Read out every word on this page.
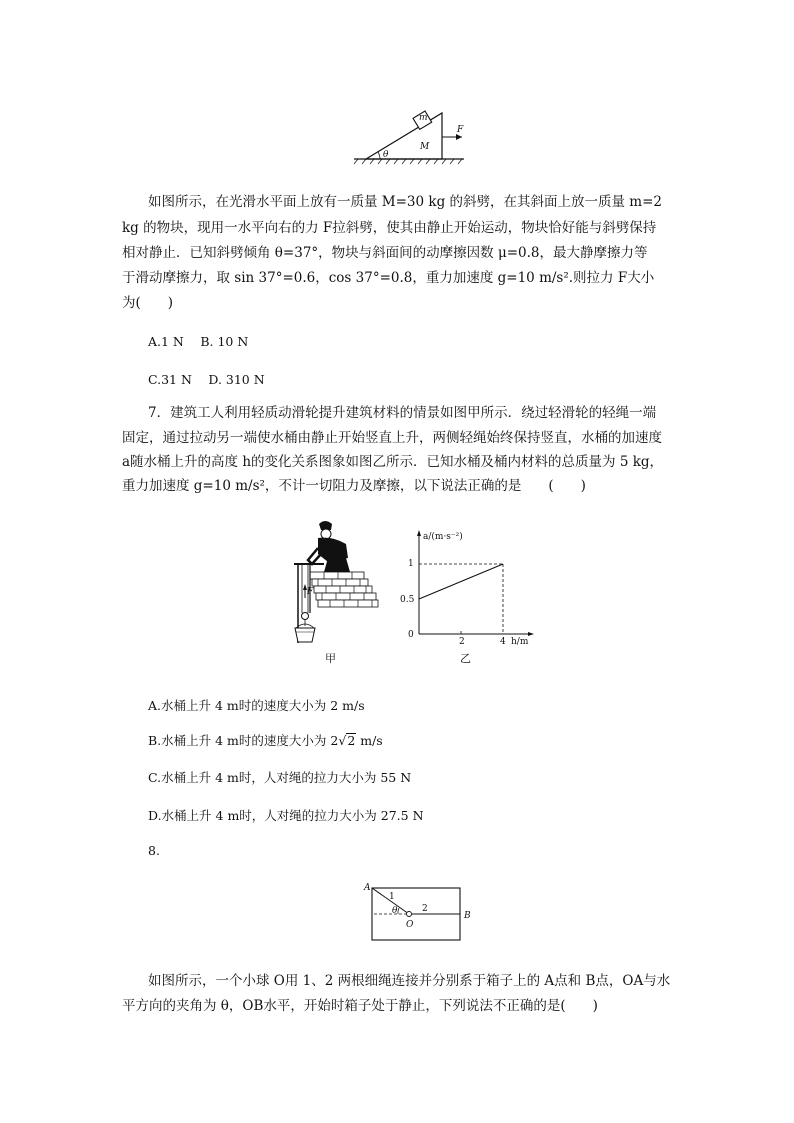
m
M
θ
F
如图所示，在光滑水平面上放有一质量 M=30 kg 的斜劈，在其斜面上放一质量 m=2
kg 的物块，现用一水平向右的力 F拉斜劈，使其由静止开始运动，物块恰好能与斜劈保持
相对静止．已知斜劈倾角 θ=37°，物块与斜面间的动摩擦因数 μ=0.8，最大静摩擦力等
于滑动摩擦力，取 sin 37°=0.6，cos 37°=0.8，重力加速度 g=10 m/s².则拉力 F大小
为(　　)
A.1 N　 B. 10 N
C.31 N　 D. 310 N
7．建筑工人利用轻质动滑轮提升建筑材料的情景如图甲所示．绕过轻滑轮的轻绳一端
固定，通过拉动另一端使水桶由静止开始竖直上升，两侧轻绳始终保持竖直，水桶的加速度
a随水桶上升的高度 h的变化关系图象如图乙所示．已知水桶及桶内材料的总质量为 5 kg，
重力加速度 g=10 m/s²，不计一切阻力及摩擦，以下说法正确的是　　(　　)
F
甲
a/(m·s⁻²)
h/m
1
0.5
0
2	4
乙
A.水桶上升 4 m时的速度大小为 2 m/s
B.水桶上升 4 m时的速度大小为 2√2 m/s
C.水桶上升 4 m时，人对绳的拉力大小为 55 N
D.水桶上升 4 m时，人对绳的拉力大小为 27.5 N
8.
A
B
O
1
2
θ
如图所示，一个小球 O用 1、2 两根细绳连接并分别系于箱子上的 A点和 B点，OA与水
平方向的夹角为 θ，OB水平，开始时箱子处于静止，下列说法不正确的是(　　)
